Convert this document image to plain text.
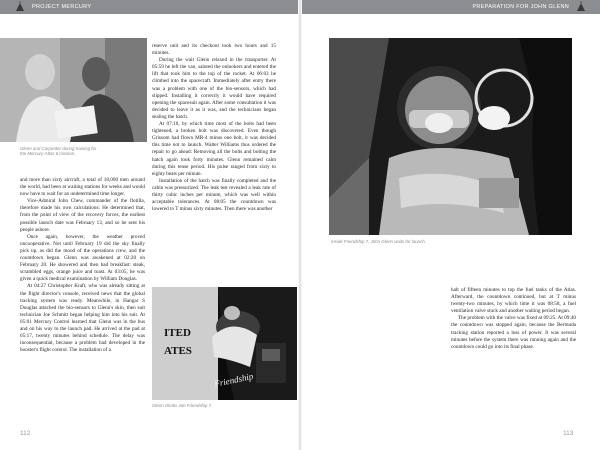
PROJECT MERCURY	PREPARATION FOR JOHN GLENN
Glenn and Carpenter during training for the Mercury-Atlas 6 mission.

and more than sixty aircraft, a total of 18,000 men around the world, had been at waiting stations for weeks and would now have to wait for an undetermined time longer.

Vice-Admiral John Chew, commander of the flotilla, therefore made his own calculations: He determined that, from the point of view of the recovery forces, the earliest possible launch date was February 13, and so he sent his people ashore.

Once again, however, the weather proved uncooperative. Not until February 19 did the sky finally pick up, as did the mood of the operations crew, and the countdown began. Glenn was awakened at 02:20 on February 20. He showered and then had breakfast: steak, scrambled eggs, orange juice and toast. At 03:05, he was given a quick medical examination by William Douglas.

At 04:27 Christopher Kraft, who was already sitting at the flight director's console, received news that the global tracking system was ready. Meanwhile, in Hangar S Douglas attached the bio-sensors to Glenn's skin, then suit technician Joe Schmitt began helping him into his suit. At 05:01 Mercury Control learned that Glenn was in the bus and on his way to the launch pad. He arrived at the pad at 05:17, twenty minutes behind schedule. The delay was inconsequential, because a problem had developed in the booster's flight control. The installation of a

reserve unit and its checkout took two hours and 15 minutes.

During the wait Glenn relaxed in the transporter. At 05:59 he left the van, saluted the onlookers and entered the lift that took him to the top of the rocket. At 06:03 he climbed into the spacecraft. Immediately after entry there was a problem with one of the bio-sensors, which had slipped. Installing it correctly it would have required opening the spacesuit again. After some consultation it was decided to leave it as it was, and the technicians began sealing the hatch.

At 07:10, by which time most of the bolts had been tightened, a broken bolt was discovered. Even though Grissom had flown MR-4 minus one bolt, it was decided this time not to launch. Walter Williams thus ordered the repair to go ahead: Removing all the bolts and bolting the hatch again took forty minutes. Glenn remained calm during this tense period. His pulse ranged from sixty to eighty beats per minute.

Installation of the hatch was finally completed and the cabin was pressurized. The leak test revealed a leak rate of thirty cubic inches per minute, which was well within acceptable tolerances. At 08:05 the countdown was lowered to T minus sixty minutes. Then there was another

ITED
ATES
Friendship
Glenn climbs into Friendship 7.
112
Inside Friendship 7, John Glenn waits for launch.

halt of fifteen minutes to top the fuel tanks of the Atlas. Afterward, the countdown continued, but at T minus twenty-two minutes, by which time it was 08:58, a fuel ventilation valve stuck and another waiting period began.

The problem with the valve was fixed at 09:25. At 09:40 the countdown was stopped again, because the Bermuda tracking station reported a loss of power. It was several minutes before the system there was running again and the countdown could go into its final phase.

113
